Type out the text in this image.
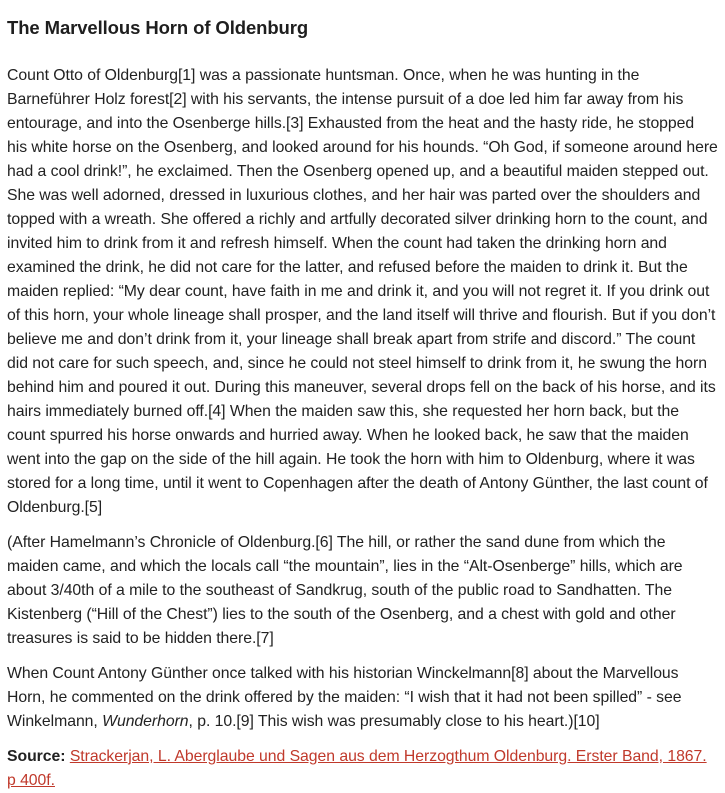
The Marvellous Horn of Oldenburg

Count Otto of Oldenburg[1] was a passionate huntsman. Once, when he was hunting in the Barneführer Holz forest[2] with his servants, the intense pursuit of a doe led him far away from his entourage, and into the Osenberge hills.[3] Exhausted from the heat and the hasty ride, he stopped his white horse on the Osenberg, and looked around for his hounds. “Oh God, if someone around here had a cool drink!”, he exclaimed. Then the Osenberg opened up, and a beautiful maiden stepped out. She was well adorned, dressed in luxurious clothes, and her hair was parted over the shoulders and topped with a wreath. She offered a richly and artfully decorated silver drinking horn to the count, and invited him to drink from it and refresh himself. When the count had taken the drinking horn and examined the drink, he did not care for the latter, and refused before the maiden to drink it. But the maiden replied: “My dear count, have faith in me and drink it, and you will not regret it. If you drink out of this horn, your whole lineage shall prosper, and the land itself will thrive and flourish. But if you don’t believe me and don’t drink from it, your lineage shall break apart from strife and discord.” The count did not care for such speech, and, since he could not steel himself to drink from it, he swung the horn behind him and poured it out. During this maneuver, several drops fell on the back of his horse, and its hairs immediately burned off.[4] When the maiden saw this, she requested her horn back, but the count spurred his horse onwards and hurried away. When he looked back, he saw that the maiden went into the gap on the side of the hill again. He took the horn with him to Oldenburg, where it was stored for a long time, until it went to Copenhagen after the death of Antony Günther, the last count of Oldenburg.[5]

(After Hamelmann’s Chronicle of Oldenburg.[6] The hill, or rather the sand dune from which the maiden came, and which the locals call “the mountain”, lies in the “Alt-Osenberge” hills, which are about 3/40th of a mile to the southeast of Sandkrug, south of the public road to Sandhatten. The Kistenberg (“Hill of the Chest”) lies to the south of the Osenberg, and a chest with gold and other treasures is said to be hidden there.[7]

When Count Antony Günther once talked with his historian Winckelmann[8] about the Marvellous Horn, he commented on the drink offered by the maiden: “I wish that it had not been spilled” - see Winkelmann, Wunderhorn, p. 10.[9] This wish was presumably close to his heart.)[10]

Source: Strackerjan, L. Aberglaube und Sagen aus dem Herzogthum Oldenburg. Erster Band, 1867. p 400f.
